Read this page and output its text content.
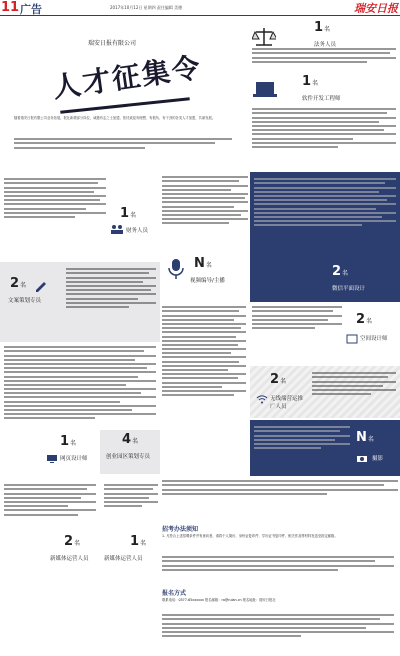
11 广告	2017年10月12日 星期四 责任编辑 美德	瑞安日报
瑞安日报有限公司
人才征集令
随着瑞安日报有限公司业务拓展，报社新增部分岗位，诚邀有志之士加盟。热忱欢迎有理想、有抱负、有干劲的各类人才加盟，共谋发展。
1 名
法务人员
1 名
软件开发工程师
1 名
财务人员
N 名
视频编导/主播
2 名
微信平面设计
2 名
文案策划专员
2 名
空间设计师
2 名
无线端营运推广人员
1 名
网页设计师
4 名
创业园区策划专员
N 名
摄影
2 名
新媒体运营人员
1 名
新媒体运营人员
招考办法须知
1. 凡符合上述招聘条件并有意向者，请将个人简历、身份证复印件、学历证书复印件、相关作品等材料发送至指定邮箱。
报名方式
联系电话：0577-65xxxxxx 报名邮箱：ra@ruian.cn 报名地址：瑞安日报社
